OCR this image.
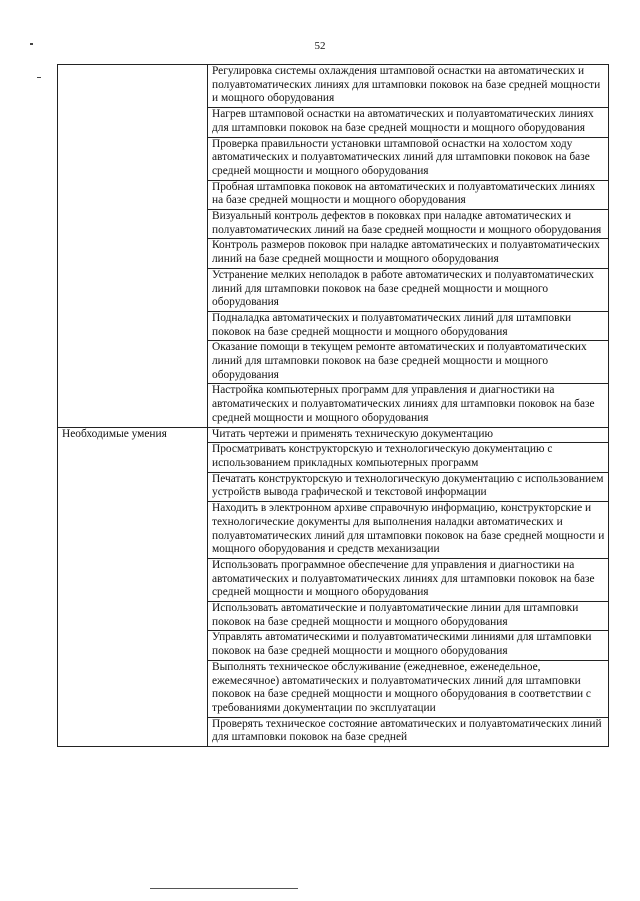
52
	Регулировка системы охлаждения штамповой оснастки на автоматических и полуавтоматических линиях для штамповки поковок на базе средней мощности и мощного оборудования
	Нагрев штамповой оснастки на автоматических и полуавтоматических линиях для штамповки поковок на базе средней мощности и мощного оборудования
	Проверка правильности установки штамповой оснастки на холостом ходу автоматических и полуавтоматических линий для штамповки поковок на базе средней мощности и мощного оборудования
	Пробная штамповка поковок на автоматических и полуавтоматических линиях на базе средней мощности и мощного оборудования
	Визуальный контроль дефектов в поковках при наладке автоматических и полуавтоматических линий на базе средней мощности и мощного оборудования
	Контроль размеров поковок при наладке автоматических и полуавтоматических линий на базе средней мощности и мощного оборудования
	Устранение мелких неполадок в работе автоматических и полуавтоматических линий для штамповки поковок на базе средней мощности и мощного оборудования
	Подналадка автоматических и полуавтоматических линий для штамповки поковок на базе средней мощности и мощного оборудования
	Оказание помощи в текущем ремонте автоматических и полуавтоматических линий для штамповки поковок на базе средней мощности и мощного оборудования
	Настройка компьютерных программ для управления и диагностики на автоматических и полуавтоматических линиях для штамповки поковок на базе средней мощности и мощного оборудования
Необходимые умения	Читать чертежи и применять техническую документацию
	Просматривать конструкторскую и технологическую документацию с использованием прикладных компьютерных программ
	Печатать конструкторскую и технологическую документацию с использованием устройств вывода графической и текстовой информации
	Находить в электронном архиве справочную информацию, конструкторские и технологические документы для выполнения наладки автоматических и полуавтоматических линий для штамповки поковок на базе средней мощности и мощного оборудования и средств механизации
	Использовать программное обеспечение для управления и диагностики на автоматических и полуавтоматических линиях для штамповки поковок на базе средней мощности и мощного оборудования
	Использовать автоматические и полуавтоматические линии для штамповки поковок на базе средней мощности и мощного оборудования
	Управлять автоматическими и полуавтоматическими линиями для штамповки поковок на базе средней мощности и мощного оборудования
	Выполнять техническое обслуживание (ежедневное, еженедельное, ежемесячное) автоматических и полуавтоматических линий для штамповки поковок на базе средней мощности и мощного оборудования в соответствии с требованиями документации по эксплуатации
	Проверять техническое состояние автоматических и полуавтоматических линий для штамповки поковок на базе средней
